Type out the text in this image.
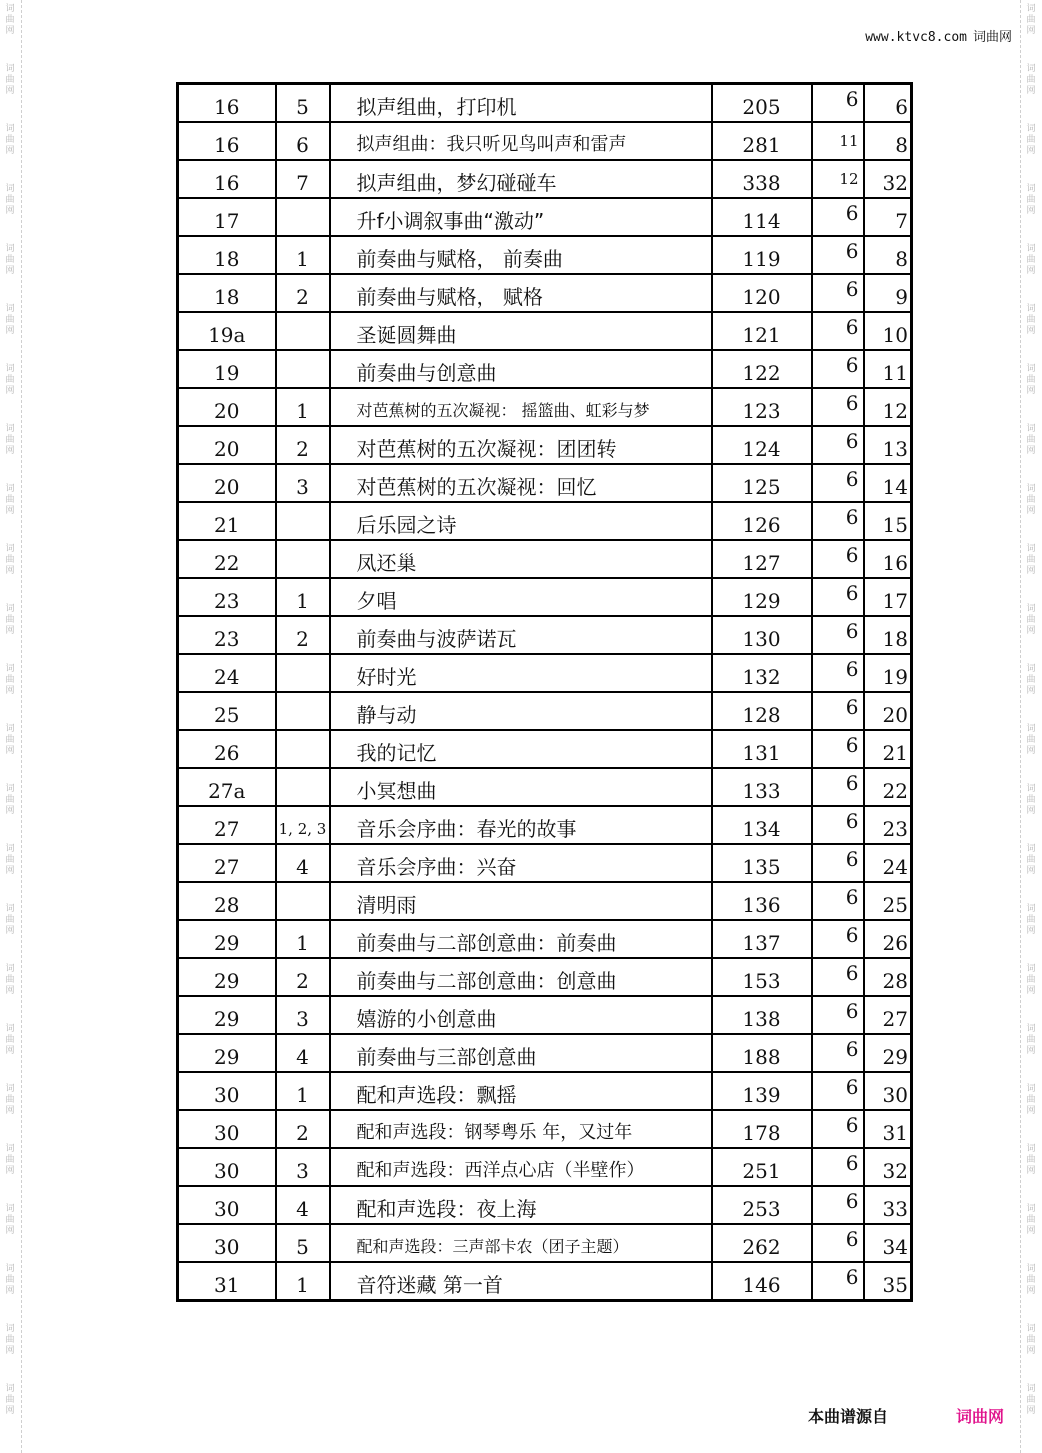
词曲网
词曲网
词曲网
词曲网
词曲网
词曲网
词曲网
词曲网
词曲网
词曲网
词曲网
词曲网
词曲网
词曲网
词曲网
词曲网
词曲网
词曲网
词曲网
词曲网
词曲网
词曲网
词曲网
词曲网
词曲网
词曲网
词曲网
词曲网
词曲网
词曲网
词曲网
词曲网
词曲网
词曲网
词曲网
词曲网
词曲网
词曲网
词曲网
词曲网
词曲网
词曲网
词曲网
词曲网
词曲网
词曲网
词曲网
词曲网
www.ktvc8.com 词曲网
16	5	拟声组曲，打印机	205	6	6
16	6	拟声组曲：我只听见鸟叫声和雷声	281	11	8
16	7	拟声组曲，梦幻碰碰车	338	12	32
17		升f小调叙事曲“激动”	114	6	7
18	1	前奏曲与赋格， 前奏曲	119	6	8
18	2	前奏曲与赋格， 赋格	120	6	9
19a		圣诞圆舞曲	121	6	10
19		前奏曲与创意曲	122	6	11
20	1	对芭蕉树的五次凝视： 摇篮曲、虹彩与梦	123	6	12
20	2	对芭蕉树的五次凝视：团团转	124	6	13
20	3	对芭蕉树的五次凝视：回忆	125	6	14
21		后乐园之诗	126	6	15
22		凤还巢	127	6	16
23	1	夕唱	129	6	17
23	2	前奏曲与波萨诺瓦	130	6	18
24		好时光	132	6	19
25		静与动	128	6	20
26		我的记忆	131	6	21
27a		小冥想曲	133	6	22
27	1, 2, 3	音乐会序曲：春光的故事	134	6	23
27	4	音乐会序曲：兴奋	135	6	24
28		清明雨	136	6	25
29	1	前奏曲与二部创意曲：前奏曲	137	6	26
29	2	前奏曲与二部创意曲：创意曲	153	6	28
29	3	嬉游的小创意曲	138	6	27
29	4	前奏曲与三部创意曲	188	6	29
30	1	配和声选段：飘摇	139	6	30
30	2	配和声选段：钢琴粤乐 年，又过年	178	6	31
30	3	配和声选段：西洋点心店（半壁作）	251	6	32
30	4	配和声选段：夜上海	253	6	33
30	5	配和声选段：三声部卡农（团子主题）	262	6	34
31	1	音符迷藏 第一首	146	6	35
本曲谱源自	词曲网
